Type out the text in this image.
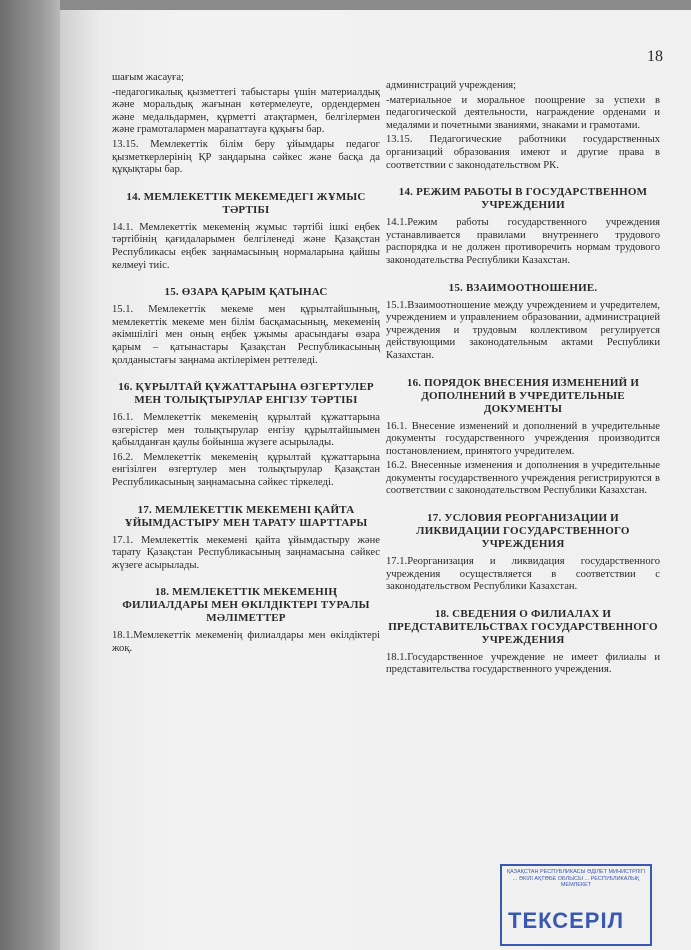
18
шағым жасауға;
-педагогикалық қызметтегі табыстары үшін материалдық және моральдық жағынан көтермелеуге, ордендермен және медальдармен, құрметті атақтармен, белгілермен және грамоталармен марапаттауға құқығы бар.
13.15. Мемлекеттік білім беру ұйымдары педагог қызметкерлерінің ҚР заңдарына сәйкес және басқа да құқықтары бар.
14. МЕМЛЕКЕТТІК МЕКЕМЕДЕГІ ЖҰМЫС ТӘРТІБІ
14.1. Мемлекеттік мекеменің жұмыс тәртібі ішкі еңбек тәртібінің қағидаларымен белгіленеді және Қазақстан Республикасы еңбек заңнамасының нормаларына қайшы келмеуі тиіс.
15. ӨЗАРА ҚАРЫМ ҚАТЫНАС
15.1. Мемлекеттік мекеме мен құрылтайшының, мемлекеттік мекеме мен білім басқамасының, мекеменің әкімшілігі мен оның еңбек ұжымы арасындағы өзара қарым – қатынастары Қазақстан Республикасының қолданыстағы заңнама актілерімен реттеледі.
16. ҚҰРЫЛТАЙ ҚҰЖАТТАРЫНА ӨЗГЕРТУЛЕР МЕН ТОЛЫҚТЫРУЛАР ЕНГІЗУ ТӘРТІБІ
16.1. Мемлекеттік мекеменің құрылтай құжаттарына өзгерістер мен толықтырулар енгізу құрылтайшымен қабылданған қаулы бойынша жүзеге асырылады.
16.2. Мемлекеттік мекеменің құрылтай құжаттарына енгізілген өзгертулер мен толықтырулар Қазақстан Республикасының заңнамасына сәйкес тіркеледі.
17. МЕМЛЕКЕТТІК МЕКЕМЕНІ ҚАЙТА ҰЙЫМДАСТЫРУ МЕН ТАРАТУ ШАРТТАРЫ
17.1. Мемлекеттік мекемені қайта ұйымдастыру және тарату Қазақстан Республикасының заңнамасына сәйкес жүзеге асырылады.
18. МЕМЛЕКЕТТІК МЕКЕМЕНІҢ ФИЛИАЛДАРЫ МЕН ӨКІЛДІКТЕРІ ТУРАЛЫ МӘЛІМЕТТЕР
18.1.Мемлекеттік мекеменің филиалдары мен өкілдіктері жоқ.
администраций учреждения;
-материальное и моральное поощрение за успехи в педагогической деятельности, награждение орденами и медалями и почетными званиями, знаками и грамотами.
13.15. Педагогические работники государственных организаций образования имеют и другие права в соответствии с законодательством РК.
14. РЕЖИМ РАБОТЫ В ГОСУДАРСТВЕННОМ УЧРЕЖДЕНИИ
14.1.Режим работы государственного учреждения устанавливается правилами внутреннего трудового распорядка и не должен противоречить нормам трудового законодательства Республики Казахстан.
15. ВЗАИМООТНОШЕНИЕ.
15.1.Взаимоотношение между учреждением и учредителем, учреждением и управлением образовании, администрацией учреждения и трудовым коллективом регулируется действующими законодательным актами Республики Казахстан.
16. ПОРЯДОК ВНЕСЕНИЯ ИЗМЕНЕНИЙ И ДОПОЛНЕНИЙ В УЧРЕДИТЕЛЬНЫЕ ДОКУМЕНТЫ
16.1. Внесение изменений и дополнений в учредительные документы государственного учреждения производится постановлением, принятого учредителем.
16.2. Внесенные изменения и дополнения в учредительные документы государственного учреждения регистрируются в соответствии с законодательством Республики Казахстан.
17. УСЛОВИЯ РЕОРГАНИЗАЦИИ И ЛИКВИДАЦИИ ГОСУДАРСТВЕННОГО УЧРЕЖДЕНИЯ
17.1.Реорганизация и ликвидация государственного учреждения осуществляется в соответствии с законодательством Республики Казахстан.
18. СВЕДЕНИЯ О ФИЛИАЛАХ И ПРЕДСТАВИТЕЛЬСТВАХ ГОСУДАРСТВЕННОГО УЧРЕЖДЕНИЯ
18.1.Государственное учреждение не имеет филиалы и представительства государственного учреждения.
ҚАЗАҚСТАН РЕСПУБЛИКАСЫ ӘДІЛЕТ МИНИСТРЛІГІ ... ӘКІЛІ АҚТӨБЕ ОБЛЫСЫ ... РЕСПУБЛИКАЛЫҚ МЕМЛЕКЕТ
ТЕКСЕРІЛ
